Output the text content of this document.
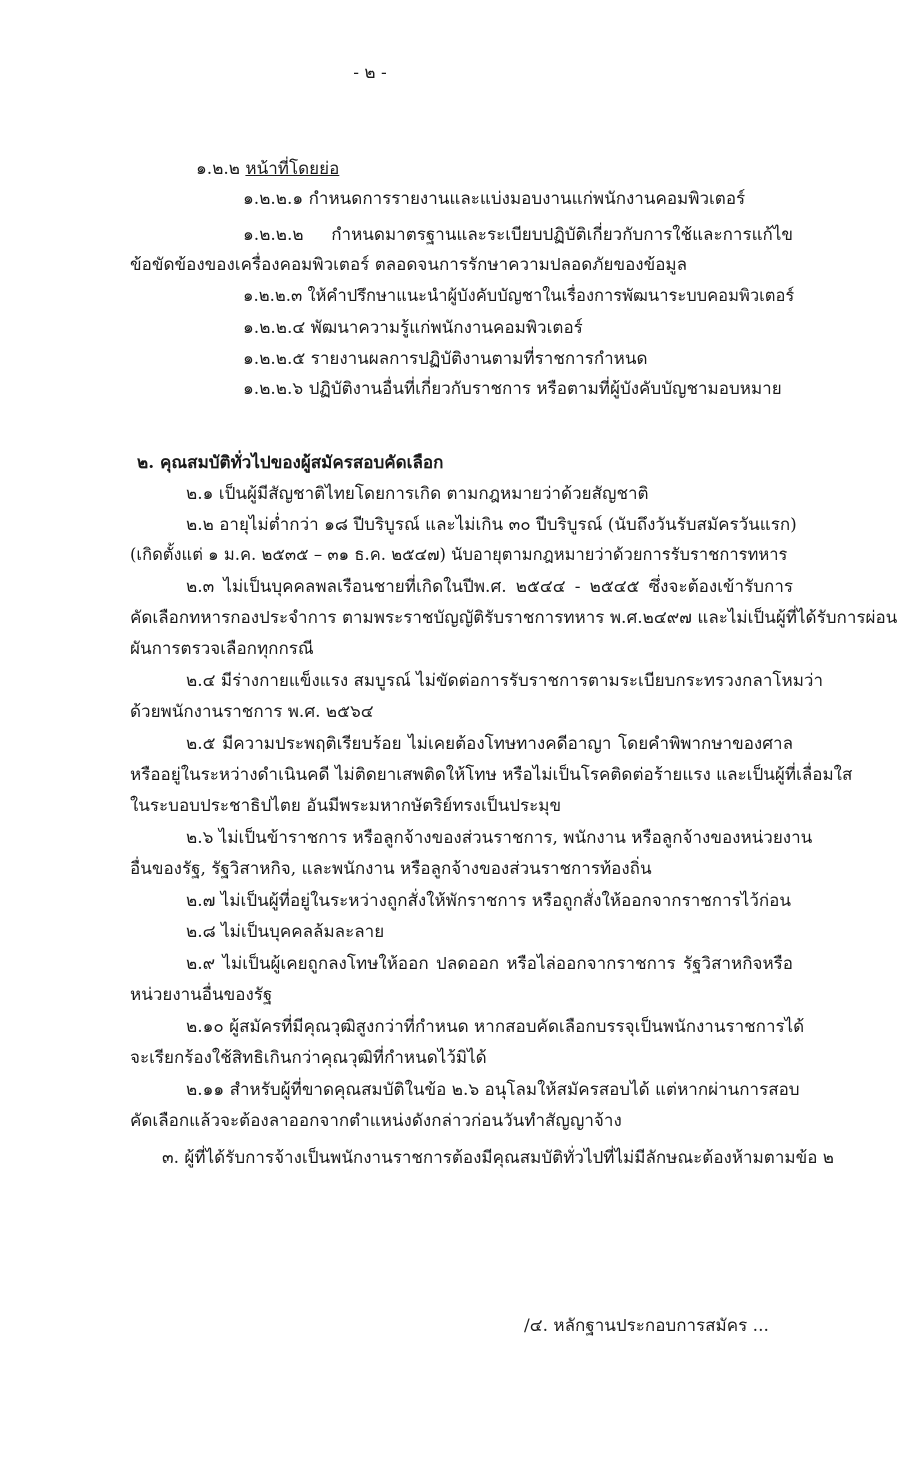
- ๒ -
๑.๒.๒ หน้าที่โดยย่อ
๑.๒.๒.๑ กำหนดการรายงานและแบ่งมอบงานแก่พนักงานคอมพิวเตอร์
๑.๒.๒.๒ กำหนดมาตรฐานและระเบียบปฏิบัติเกี่ยวกับการใช้และการแก้ไข
ข้อขัดข้องของเครื่องคอมพิวเตอร์ ตลอดจนการรักษาความปลอดภัยของข้อมูล
๑.๒.๒.๓ ให้คำปรึกษาแนะนำผู้บังคับบัญชาในเรื่องการพัฒนาระบบคอมพิวเตอร์
๑.๒.๒.๔ พัฒนาความรู้แก่พนักงานคอมพิวเตอร์
๑.๒.๒.๕ รายงานผลการปฏิบัติงานตามที่ราชการกำหนด
๑.๒.๒.๖ ปฏิบัติงานอื่นที่เกี่ยวกับราชการ หรือตามที่ผู้บังคับบัญชามอบหมาย
๒. คุณสมบัติทั่วไปของผู้สมัครสอบคัดเลือก
๒.๑ เป็นผู้มีสัญชาติไทยโดยการเกิด ตามกฎหมายว่าด้วยสัญชาติ
๒.๒ อายุไม่ต่ำกว่า ๑๘ ปีบริบูรณ์ และไม่เกิน ๓๐ ปีบริบูรณ์ (นับถึงวันรับสมัครวันแรก)
(เกิดตั้งแต่ ๑ ม.ค. ๒๕๓๕ – ๓๑ ธ.ค. ๒๕๔๗) นับอายุตามกฎหมายว่าด้วยการรับราชการทหาร
๒.๓ ไม่เป็นบุคคลพลเรือนชายที่เกิดในปีพ.ศ. ๒๕๔๔ - ๒๕๔๕ ซึ่งจะต้องเข้ารับการ
คัดเลือกทหารกองประจำการ ตามพระราชบัญญัติรับราชการทหาร พ.ศ.๒๔๙๗ และไม่เป็นผู้ที่ได้รับการผ่อน
ผันการตรวจเลือกทุกกรณี
๒.๔ มีร่างกายแข็งแรง สมบูรณ์ ไม่ขัดต่อการรับราชการตามระเบียบกระทรวงกลาโหมว่า
ด้วยพนักงานราชการ พ.ศ. ๒๕๖๔
๒.๕ มีความประพฤติเรียบร้อย ไม่เคยต้องโทษทางคดีอาญา โดยคำพิพากษาของศาล
หรืออยู่ในระหว่างดำเนินคดี ไม่ติดยาเสพติดให้โทษ หรือไม่เป็นโรคติดต่อร้ายแรง และเป็นผู้ที่เลื่อมใส
ในระบอบประชาธิปไตย อันมีพระมหากษัตริย์ทรงเป็นประมุข
๒.๖ ไม่เป็นข้าราชการ หรือลูกจ้างของส่วนราชการ, พนักงาน หรือลูกจ้างของหน่วยงาน
อื่นของรัฐ, รัฐวิสาหกิจ, และพนักงาน หรือลูกจ้างของส่วนราชการท้องถิ่น
๒.๗ ไม่เป็นผู้ที่อยู่ในระหว่างถูกสั่งให้พักราชการ หรือถูกสั่งให้ออกจากราชการไว้ก่อน
๒.๘ ไม่เป็นบุคคลล้มละลาย
๒.๙ ไม่เป็นผู้เคยถูกลงโทษให้ออก ปลดออก หรือไล่ออกจากราชการ รัฐวิสาหกิจหรือ
หน่วยงานอื่นของรัฐ
๒.๑๐ ผู้สมัครที่มีคุณวุฒิสูงกว่าที่กำหนด หากสอบคัดเลือกบรรจุเป็นพนักงานราชการได้
จะเรียกร้องใช้สิทธิเกินกว่าคุณวุฒิที่กำหนดไว้มิได้
๒.๑๑ สำหรับผู้ที่ขาดคุณสมบัติในข้อ ๒.๖ อนุโลมให้สมัครสอบได้ แต่หากผ่านการสอบ
คัดเลือกแล้วจะต้องลาออกจากตำแหน่งดังกล่าวก่อนวันทำสัญญาจ้าง
๓. ผู้ที่ได้รับการจ้างเป็นพนักงานราชการต้องมีคุณสมบัติทั่วไปที่ไม่มีลักษณะต้องห้ามตามข้อ ๒
/๔. หลักฐานประกอบการสมัคร ...
